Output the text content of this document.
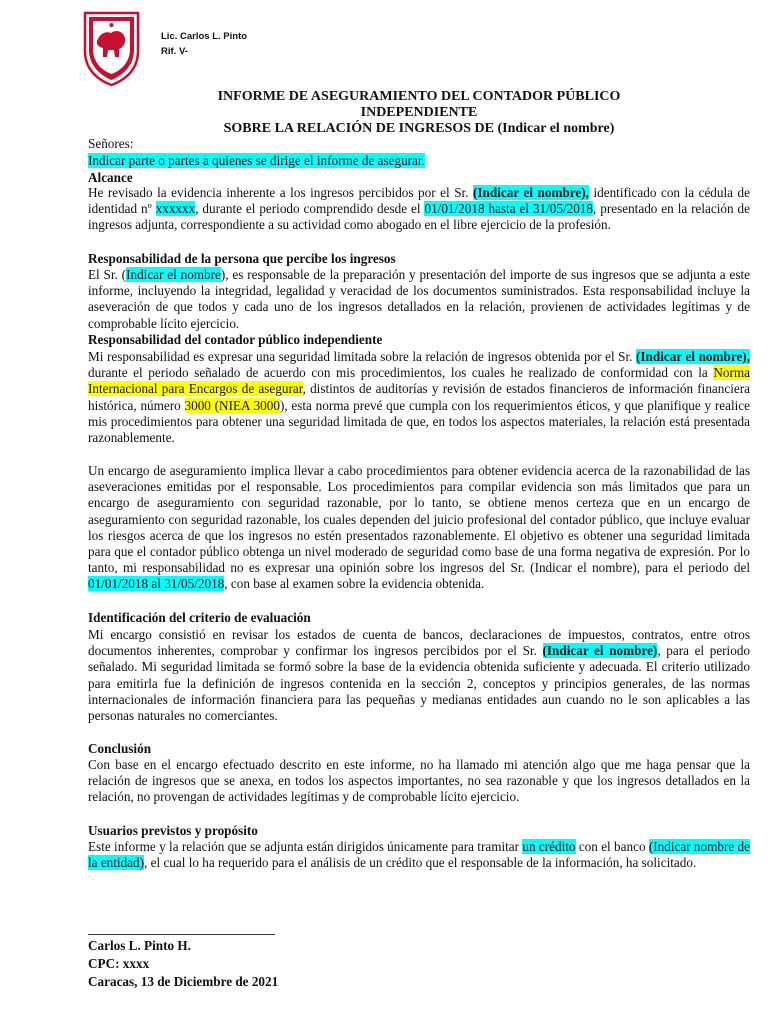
Lic. Carlos L. Pinto
Rif. V-
INFORME DE ASEGURAMIENTO DEL CONTADOR PÚBLICO
INDEPENDIENTE
SOBRE LA RELACIÓN DE INGRESOS DE (Indicar el nombre)
Señores:
Indicar parte o partes a quienes se dirige el informe de asegurar.
Alcance
He revisado la evidencia inherente a los ingresos percibidos por el Sr. (Indicar el nombre), identificado con la cédula de identidad nº xxxxxx, durante el periodo comprendido desde el 01/01/2018 hasta el 31/05/2018, presentado en la relación de ingresos adjunta, correspondiente a su actividad como abogado en el libre ejercicio de la profesión.
Responsabilidad de la persona que percibe los ingresos
El Sr. (Indicar el nombre), es responsable de la preparación y presentación del importe de sus ingresos que se adjunta a este informe, incluyendo la integridad, legalidad y veracidad de los documentos suministrados. Esta responsabilidad incluye la aseveración de que todos y cada uno de los ingresos detallados en la relación, provienen de actividades legítimas y de comprobable lícito ejercicio.
Responsabilidad del contador público independiente
Mi responsabilidad es expresar una seguridad limitada sobre la relación de ingresos obtenida por el Sr. (Indicar el nombre), durante el periodo señalado de acuerdo con mis procedimientos, los cuales he realizado de conformidad con la Norma Internacional para Encargos de asegurar, distintos de auditorías y revisión de estados financieros de información financiera histórica, número 3000 (NIEA 3000), esta norma prevé que cumpla con los requerimientos éticos, y que planifique y realice mis procedimientos para obtener una seguridad limitada de que, en todos los aspectos materiales, la relación está presentada razonablemente.
Un encargo de aseguramiento implica llevar a cabo procedimientos para obtener evidencia acerca de la razonabilidad de las aseveraciones emitidas por el responsable. Los procedimientos para compilar evidencia son más limitados que para un encargo de aseguramiento con seguridad razonable, por lo tanto, se obtiene menos certeza que en un encargo de aseguramiento con seguridad razonable, los cuales dependen del juicio profesional del contador público, que incluye evaluar los riesgos acerca de que los ingresos no estén presentados razonablemente. El objetivo es obtener una seguridad limitada para que el contador público obtenga un nivel moderado de seguridad como base de una forma negativa de expresión. Por lo tanto, mi responsabilidad no es expresar una opinión sobre los ingresos del Sr. (Indicar el nombre), para el periodo del 01/01/2018 al 31/05/2018, con base al examen sobre la evidencia obtenida.
Identificación del criterio de evaluación
Mi encargo consistió en revisar los estados de cuenta de bancos, declaraciones de impuestos, contratos, entre otros documentos inherentes, comprobar y confirmar los ingresos percibidos por el Sr. (Indicar el nombre), para el periodo señalado. Mi seguridad limitada se formó sobre la base de la evidencia obtenida suficiente y adecuada. El criterio utilizado para emitirla fue la definición de ingresos contenida en la sección 2, conceptos y principios generales, de las normas internacionales de información financiera para las pequeñas y medianas entidades aun cuando no le son aplicables a las personas naturales no comerciantes.
Conclusión
Con base en el encargo efectuado descrito en este informe, no ha llamado mi atención algo que me haga pensar que la relación de ingresos que se anexa, en todos los aspectos importantes, no sea razonable y que los ingresos detallados en la relación, no provengan de actividades legítimas y de comprobable lícito ejercicio.
Usuarios previstos y propósito
Este informe y la relación que se adjunta están dirigidos únicamente para tramitar un crédito con el banco (Indicar nombre de la entidad), el cual lo ha requerido para el análisis de un crédito que el responsable de la información, ha solicitado.
Carlos L. Pinto H.
CPC: xxxx
Caracas, 13 de Diciembre de 2021
